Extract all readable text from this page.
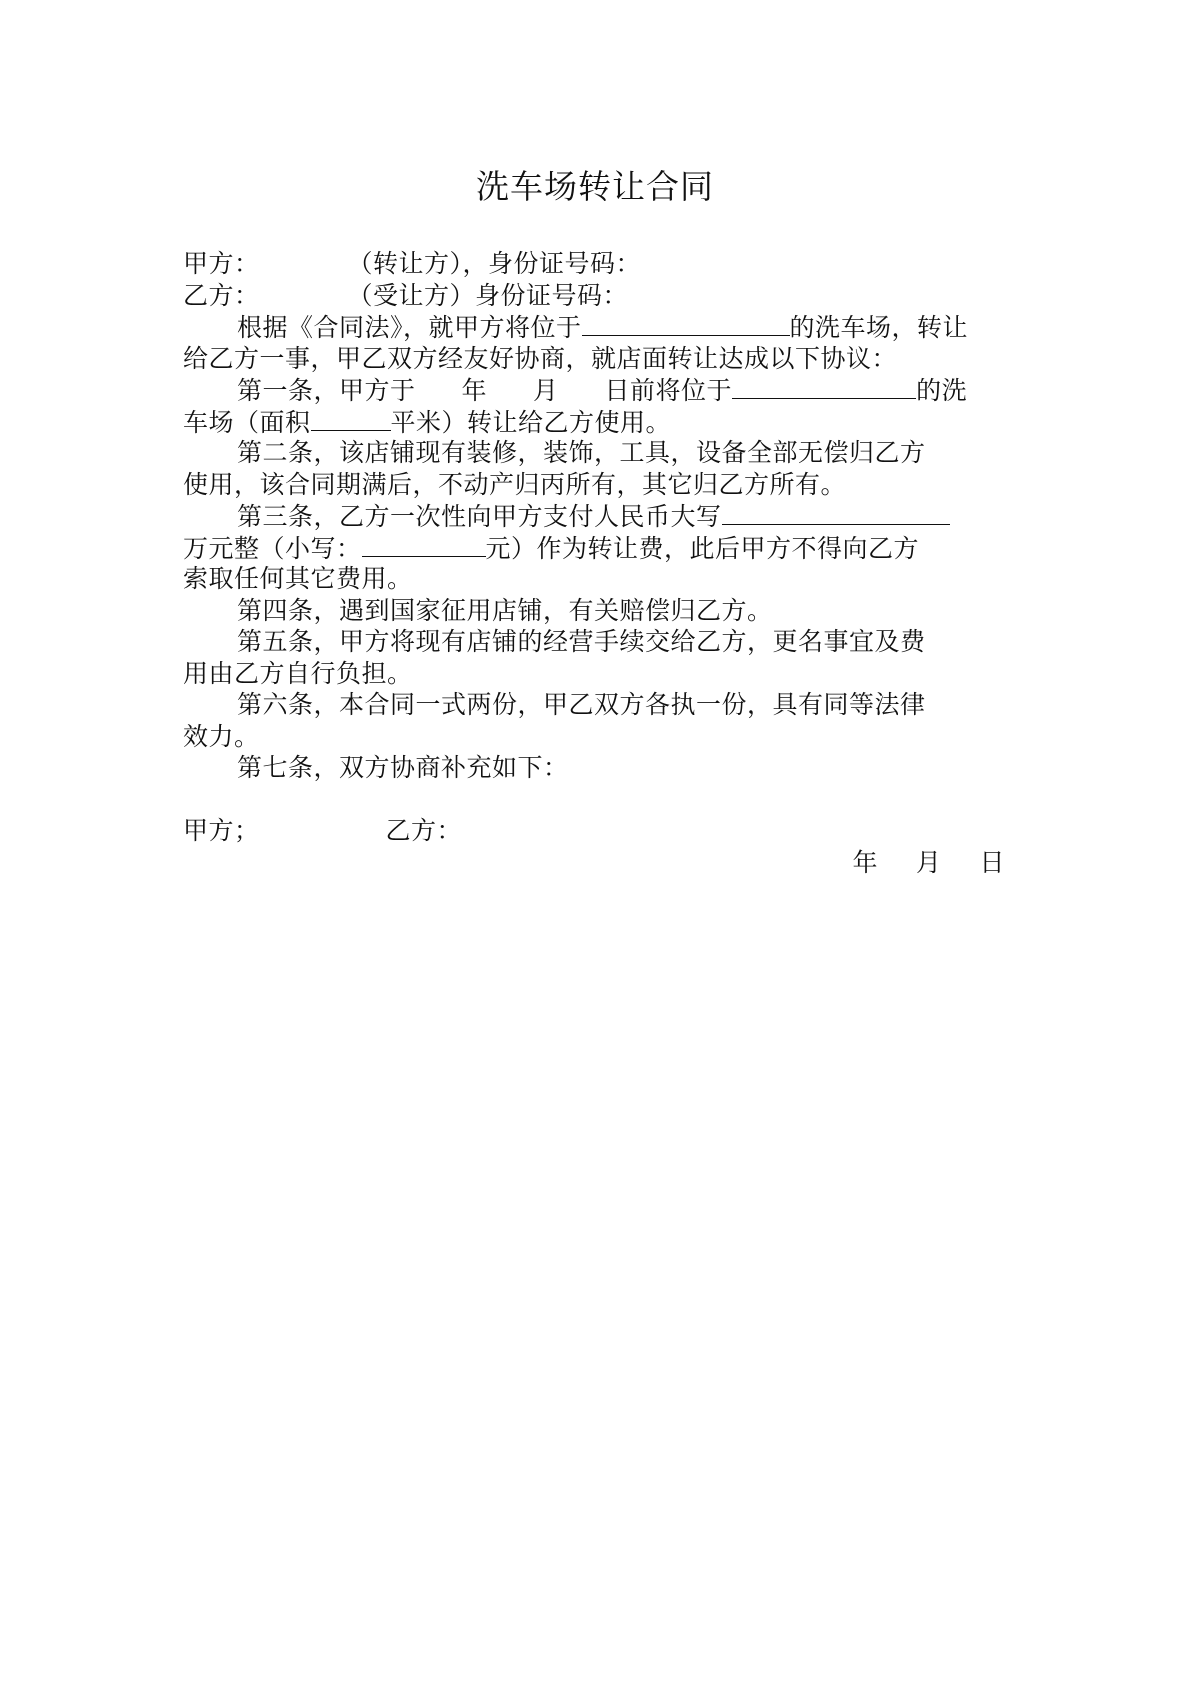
洗车场转让合同
甲方：	（转让方），身份证号码：
乙方：	（受让方）身份证号码：
根据《合同法》，就甲方将位于	的洗车场，转让
给乙方一事，甲乙双方经友好协商，就店面转让达成以下协议：
第一条，甲方于 年 月 日前将位于	的洗
车场（面积	平米）转让给乙方使用。
第二条，该店铺现有装修，装饰，工具，设备全部无偿归乙方
使用，该合同期满后，不动产归丙所有，其它归乙方所有。
第三条，乙方一次性向甲方支付人民币大写
万元整（小写：	元）作为转让费，此后甲方不得向乙方
索取任何其它费用。
第四条，遇到国家征用店铺，有关赔偿归乙方。
第五条，甲方将现有店铺的经营手续交给乙方，更名事宜及费
用由乙方自行负担。
第六条，本合同一式两份，甲乙双方各执一份，具有同等法律
效力。
第七条，双方协商补充如下：
甲方；	乙方：
年 月 日
